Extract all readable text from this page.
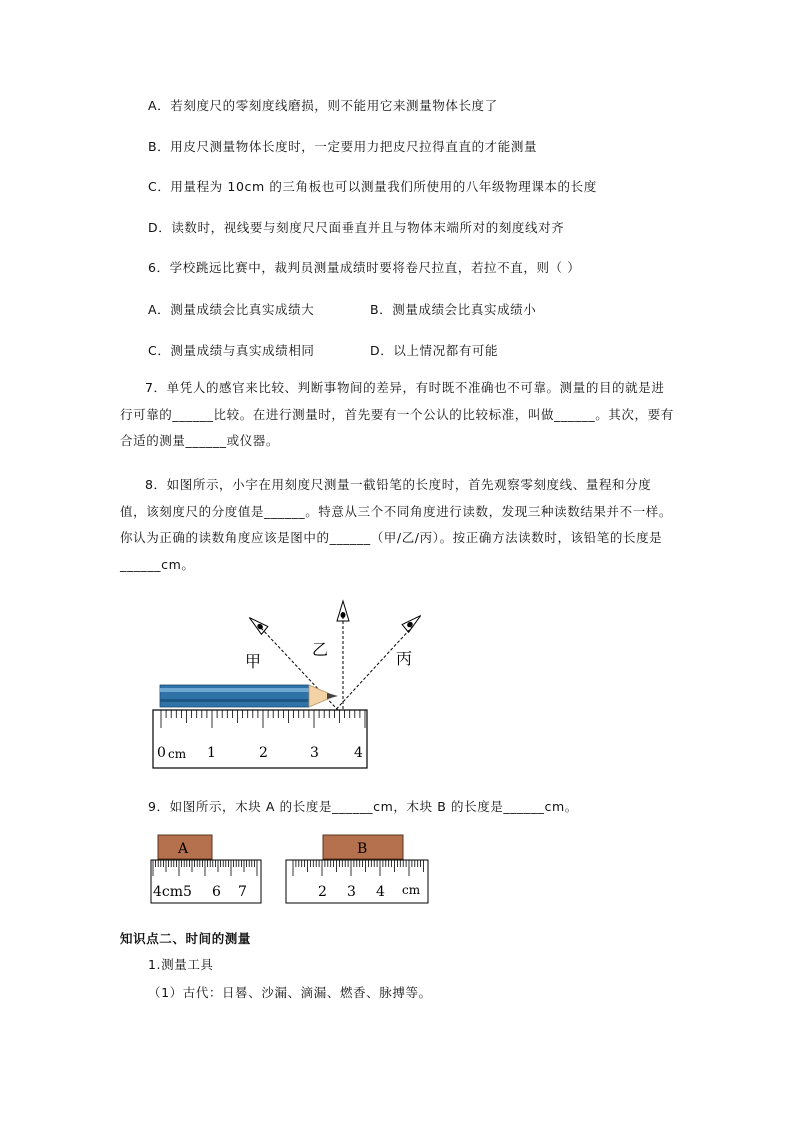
A．若刻度尺的零刻度线磨损，则不能用它来测量物体长度了
B．用皮尺测量物体长度时，一定要用力把皮尺拉得直直的才能测量
C．用量程为 10cm 的三角板也可以测量我们所使用的八年级物理课本的长度
D．读数时，视线要与刻度尺尺面垂直并且与物体末端所对的刻度线对齐
6．学校跳远比赛中，裁判员测量成绩时要将卷尺拉直，若拉不直，则（ ）
A．测量成绩会比真实成绩大	B．测量成绩会比真实成绩小
C．测量成绩与真实成绩相同	D．以上情况都有可能
7．单凭人的感官来比较、判断事物间的差异，有时既不准确也不可靠。测量的目的就是进行可靠的______比较。在进行测量时，首先要有一个公认的比较标准，叫做______。其次，要有合适的测量______或仪器。
8．如图所示，小宇在用刻度尺测量一截铅笔的长度时，首先观察零刻度线、量程和分度值，该刻度尺的分度值是______。特意从三个不同角度进行读数，发现三种读数结果并不一样。你认为正确的读数角度应该是图中的______（甲/乙/丙）。按正确方法读数时，该铅笔的长度是______cm。
甲
乙	丙
0 cm 1	2	3	4
9．如图所示，木块 A 的长度是______cm，木块 B 的长度是______cm。
A
4cm5 6 7
B
2 3 4 cm
知识点二、时间的测量
1.测量工具
（1）古代：日晷、沙漏、滴漏、燃香、脉搏等。
